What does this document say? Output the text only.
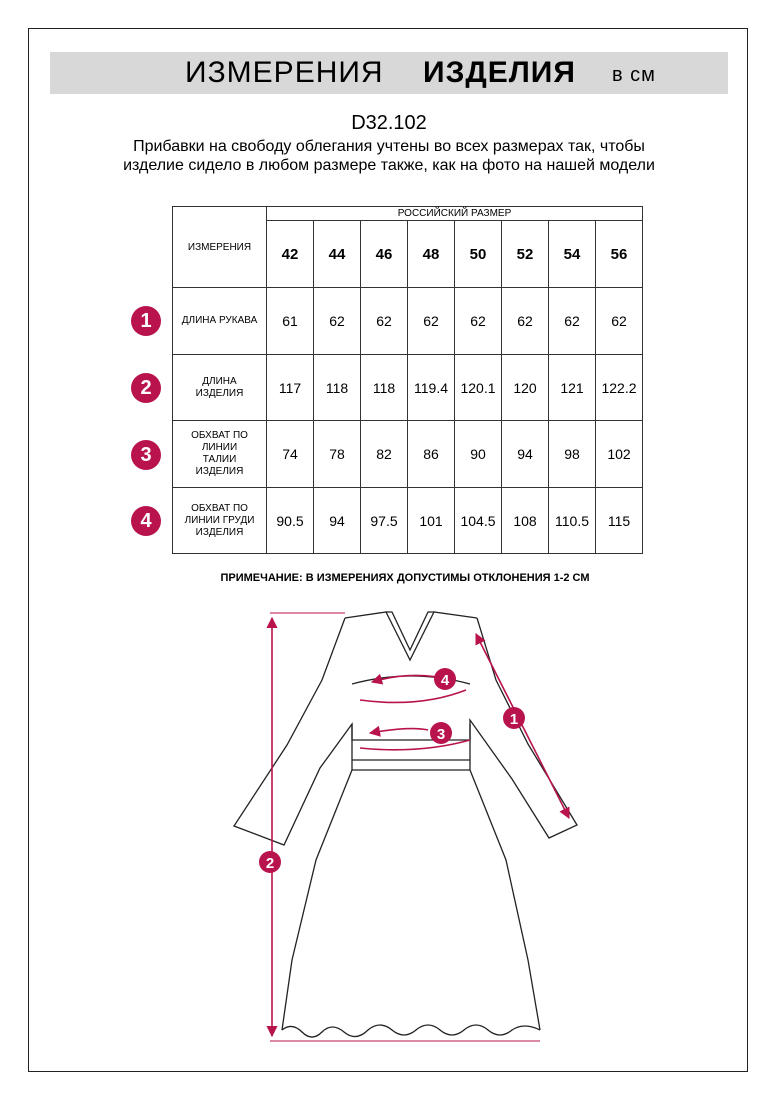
ИЗМЕРЕНИЯ ИЗДЕЛИЯ в см
D32.102
Прибавки на свободу облегания учтены во всех размерах так, чтобы изделие сидело в любом размере также, как на фото на нашей модели
ИЗМЕРЕНИЯ	РОССИЙСКИЙ РАЗМЕР							
	42	44	46	48	50	52	54	56
ДЛИНА РУКАВА	61	62	62	62	62	62	62	62
ДЛИНА ИЗДЕЛИЯ	117	118	118	119.4	120.1	120	121	122.2
ОБХВАТ ПО ЛИНИИ ТАЛИИ ИЗДЕЛИЯ	74	78	82	86	90	94	98	102
ОБХВАТ ПО ЛИНИИ ГРУДИ ИЗДЕЛИЯ	90.5	94	97.5	101	104.5	108	110.5	115
1
2
3
4
ПРИМЕЧАНИЕ: В ИЗМЕРЕНИЯХ ДОПУСТИМЫ ОТКЛОНЕНИЯ 1-2 СМ
4
3
1
2
